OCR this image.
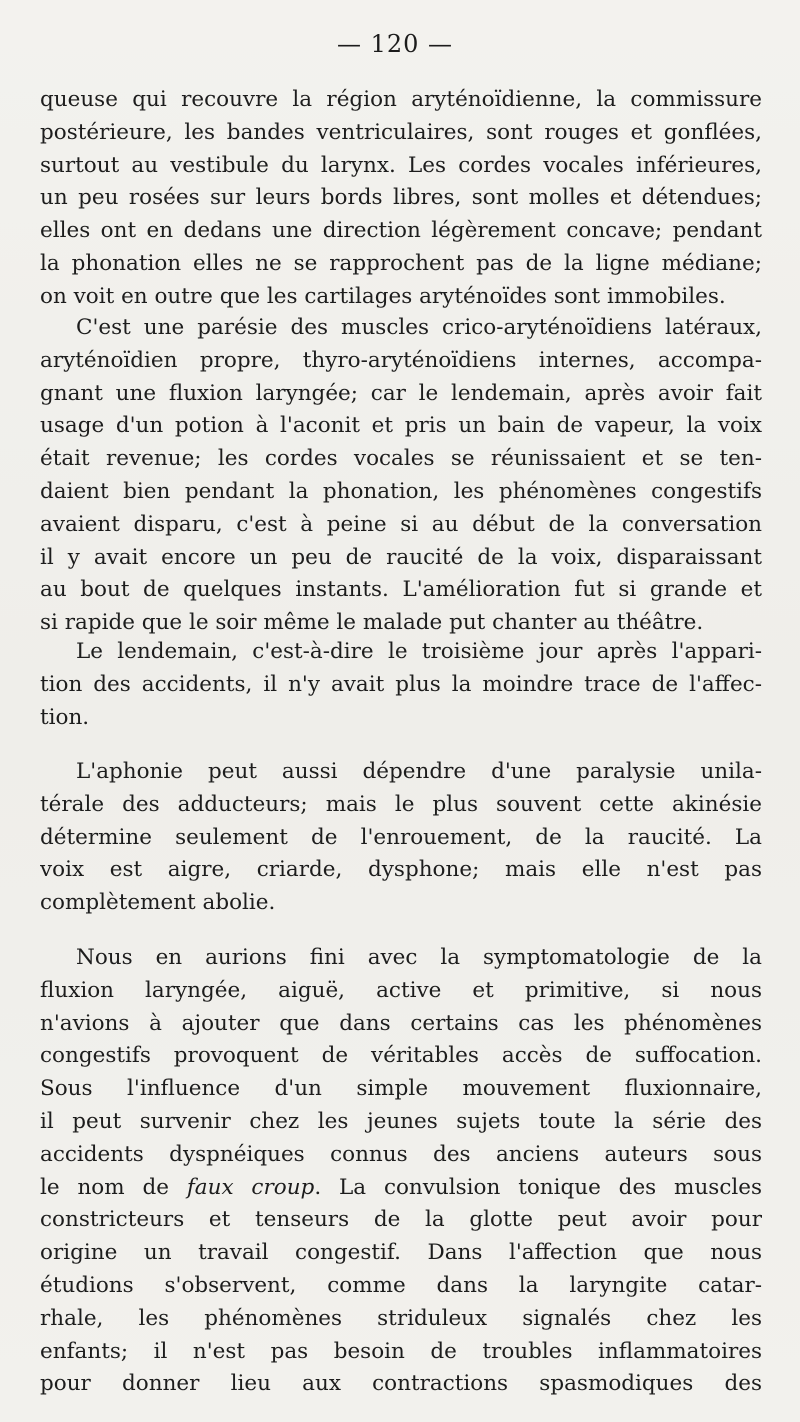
— 120 —
queuse qui recouvre la région aryténoïdienne, la commissure
postérieure, les bandes ventriculaires, sont rouges et gonflées,
surtout au vestibule du larynx. Les cordes vocales inférieures,
un peu rosées sur leurs bords libres, sont molles et détendues;
elles ont en dedans une direction légèrement concave; pendant
la phonation elles ne se rapprochent pas de la ligne médiane;
on voit en outre que les cartilages aryténoïdes sont immobiles.
C'est une parésie des muscles crico-aryténoïdiens latéraux,
aryténoïdien propre, thyro-aryténoïdiens internes, accompa-
gnant une fluxion laryngée; car le lendemain, après avoir fait
usage d'un potion à l'aconit et pris un bain de vapeur, la voix
était revenue; les cordes vocales se réunissaient et se ten-
daient bien pendant la phonation, les phénomènes congestifs
avaient disparu, c'est à peine si au début de la conversation
il y avait encore un peu de raucité de la voix, disparaissant
au bout de quelques instants. L'amélioration fut si grande et
si rapide que le soir même le malade put chanter au théâtre.
Le lendemain, c'est-à-dire le troisième jour après l'appari-
tion des accidents, il n'y avait plus la moindre trace de l'affec-
tion.
L'aphonie peut aussi dépendre d'une paralysie unila-
térale des adducteurs; mais le plus souvent cette akinésie
détermine seulement de l'enrouement, de la raucité. La
voix est aigre, criarde, dysphone; mais elle n'est pas
complètement abolie.
Nous en aurions fini avec la symptomatologie de la
fluxion laryngée, aiguë, active et primitive, si nous
n'avions à ajouter que dans certains cas les phénomènes
congestifs provoquent de véritables accès de suffocation.
Sous l'influence d'un simple mouvement fluxionnaire,
il peut survenir chez les jeunes sujets toute la série des
accidents dyspnéiques connus des anciens auteurs sous
le nom de faux croup. La convulsion tonique des muscles
constricteurs et tenseurs de la glotte peut avoir pour
origine un travail congestif. Dans l'affection que nous
étudions s'observent, comme dans la laryngite catar-
rhale, les phénomènes striduleux signalés chez les
enfants; il n'est pas besoin de troubles inflammatoires
pour donner lieu aux contractions spasmodiques des
